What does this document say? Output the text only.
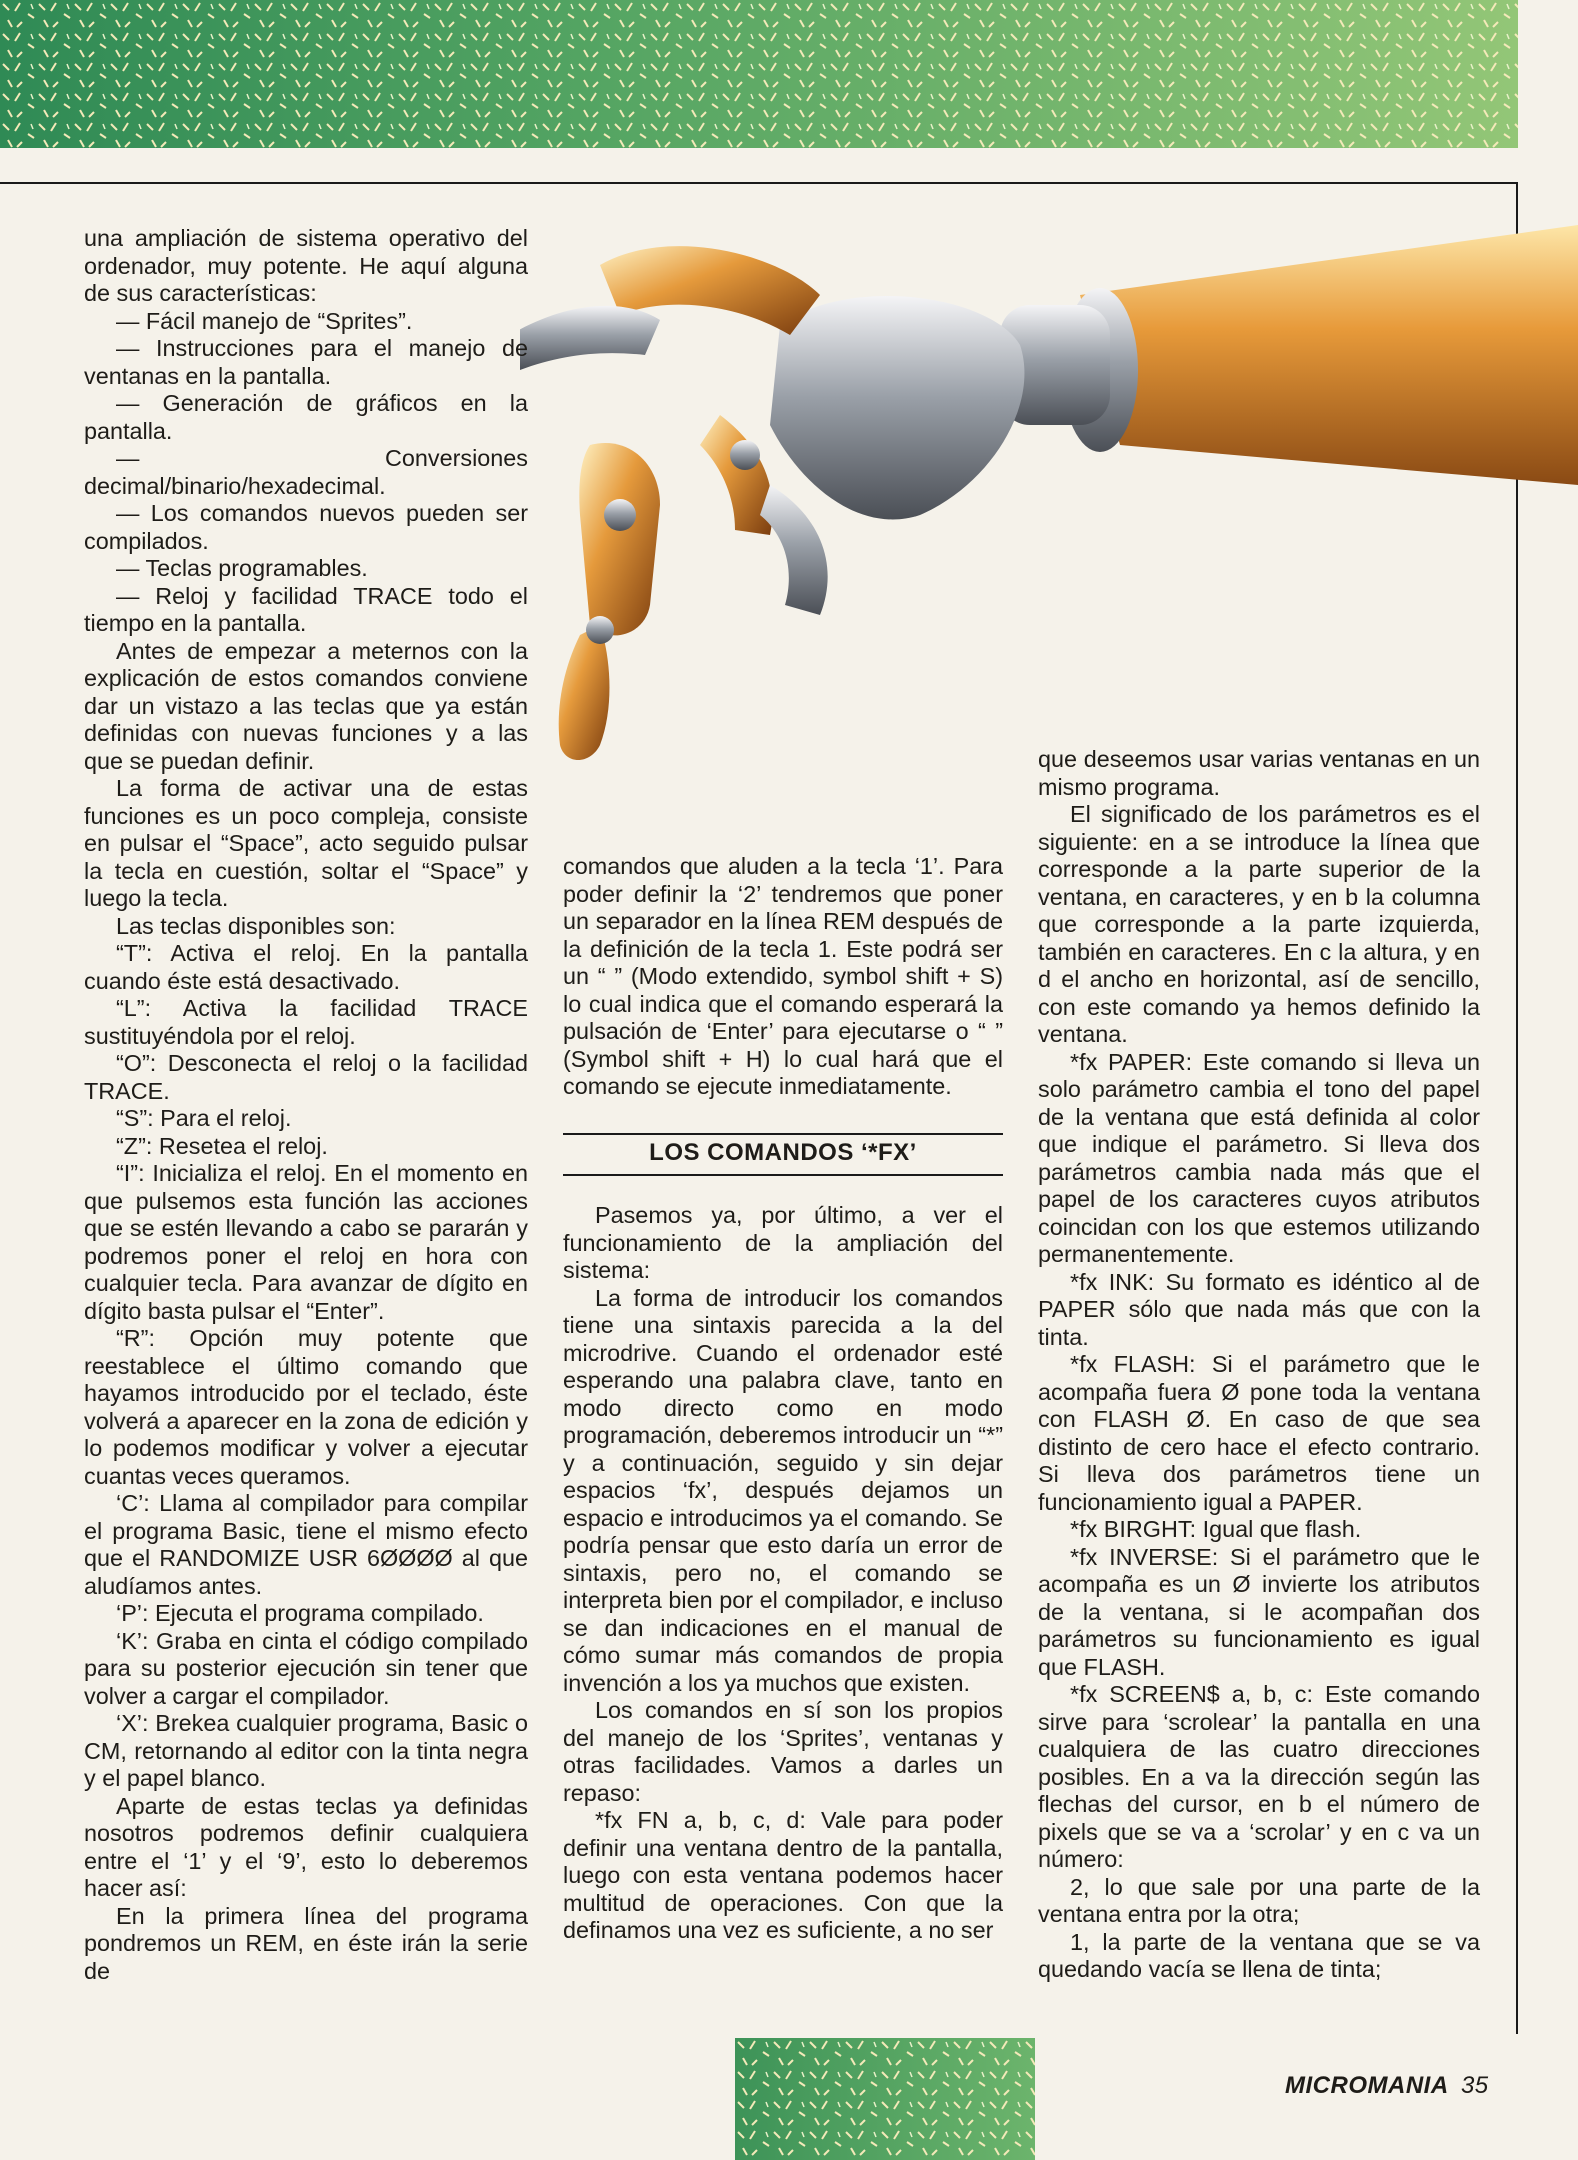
una ampliación de sistema operativo del ordenador, muy potente. He aquí alguna de sus características:

— Fácil manejo de “Sprites”.

— Instrucciones para el manejo de ventanas en la pantalla.

— Generación de gráficos en la pantalla.

— Conversiones decimal/binario/hexadecimal.

— Los comandos nuevos pueden ser compilados.

— Teclas programables.

— Reloj y facilidad TRACE todo el tiempo en la pantalla.

Antes de empezar a meternos con la explicación de estos comandos conviene dar un vistazo a las teclas que ya están definidas con nuevas funciones y a las que se puedan definir.

La forma de activar una de estas funciones es un poco compleja, consiste en pulsar el “Space”, acto seguido pulsar la tecla en cuestión, soltar el “Space” y luego la tecla.

Las teclas disponibles son:

“T”: Activa el reloj. En la pantalla cuando éste está desactivado.

“L”: Activa la facilidad TRACE sustituyéndola por el reloj.

“O”: Desconecta el reloj o la facilidad TRACE.

“S”: Para el reloj.

“Z”: Resetea el reloj.

“I”: Inicializa el reloj. En el momento en que pulsemos esta función las acciones que se estén llevando a cabo se pararán y podremos poner el reloj en hora con cualquier tecla. Para avanzar de dígito en dígito basta pulsar el “Enter”.

“R”: Opción muy potente que reestablece el último comando que hayamos introducido por el teclado, éste volverá a aparecer en la zona de edición y lo podemos modificar y volver a ejecutar cuantas veces queramos.

‘C’: Llama al compilador para compilar el programa Basic, tiene el mismo efecto que el RANDOMIZE USR 6ØØØØ al que aludíamos antes.

‘P’: Ejecuta el programa compilado.

‘K’: Graba en cinta el código compilado para su posterior ejecución sin tener que volver a cargar el compilador.

‘X’: Brekea cualquier programa, Basic o CM, retornando al editor con la tinta negra y el papel blanco.

Aparte de estas teclas ya definidas nosotros podremos definir cualquiera entre el ‘1’ y el ‘9’, esto lo deberemos hacer así:

En la primera línea del programa pondremos un REM, en éste irán la serie de

comandos que aluden a la tecla ‘1’. Para poder definir la ‘2’ tendremos que poner un separador en la línea REM después de la definición de la tecla 1. Este podrá ser un “ ” (Modo extendido, symbol shift + S) lo cual indica que el comando esperará la pulsación de ‘Enter’ para ejecutarse o “ ” (Symbol shift + H) lo cual hará que el comando se ejecute inmediatamente.

LOS COMANDOS ‘*FX’

Pasemos ya, por último, a ver el funcionamiento de la ampliación del sistema:

La forma de introducir los comandos tiene una sintaxis parecida a la del microdrive. Cuando el ordenador esté esperando una palabra clave, tanto en modo directo como en modo programación, deberemos introducir un “*” y a continuación, seguido y sin dejar espacios ‘fx’, después dejamos un espacio e introducimos ya el comando. Se podría pensar que esto daría un error de sintaxis, pero no, el comando se interpreta bien por el compilador, e incluso se dan indicaciones en el manual de cómo sumar más comandos de propia invención a los ya muchos que existen.

Los comandos en sí son los propios del manejo de los ‘Sprites’, ventanas y otras facilidades. Vamos a darles un repaso:

*fx FN a, b, c, d: Vale para poder definir una ventana dentro de la pantalla, luego con esta ventana podemos hacer multitud de operaciones. Con que la definamos una vez es suficiente, a no ser

que deseemos usar varias ventanas en un mismo programa.

El significado de los parámetros es el siguiente: en a se introduce la línea que corresponde a la parte superior de la ventana, en caracteres, y en b la columna que corresponde a la parte izquierda, también en caracteres. En c la altura, y en d el ancho en horizontal, así de sencillo, con este comando ya hemos definido la ventana.

*fx PAPER: Este comando si lleva un solo parámetro cambia el tono del papel de la ventana que está definida al color que indique el parámetro. Si lleva dos parámetros cambia nada más que el papel de los caracteres cuyos atributos coincidan con los que estemos utilizando permanentemente.

*fx INK: Su formato es idéntico al de PAPER sólo que nada más que con la tinta.

*fx FLASH: Si el parámetro que le acompaña fuera Ø pone toda la ventana con FLASH Ø. En caso de que sea distinto de cero hace el efecto contrario. Si lleva dos parámetros tiene un funcionamiento igual a PAPER.

*fx BIRGHT: Igual que flash.

*fx INVERSE: Si el parámetro que le acompaña es un Ø invierte los atributos de la ventana, si le acompañan dos parámetros su funcionamiento es igual que FLASH.

*fx SCREEN$ a, b, c: Este comando sirve para ‘scrolear’ la pantalla en una cualquiera de las cuatro direcciones posibles. En a va la dirección según las flechas del cursor, en b el número de pixels que se va a ‘scrolar’ y en c va un número:

2, lo que sale por una parte de la ventana entra por la otra;

1, la parte de la ventana que se va quedando vacía se llena de tinta;

MICROMANIA 35
